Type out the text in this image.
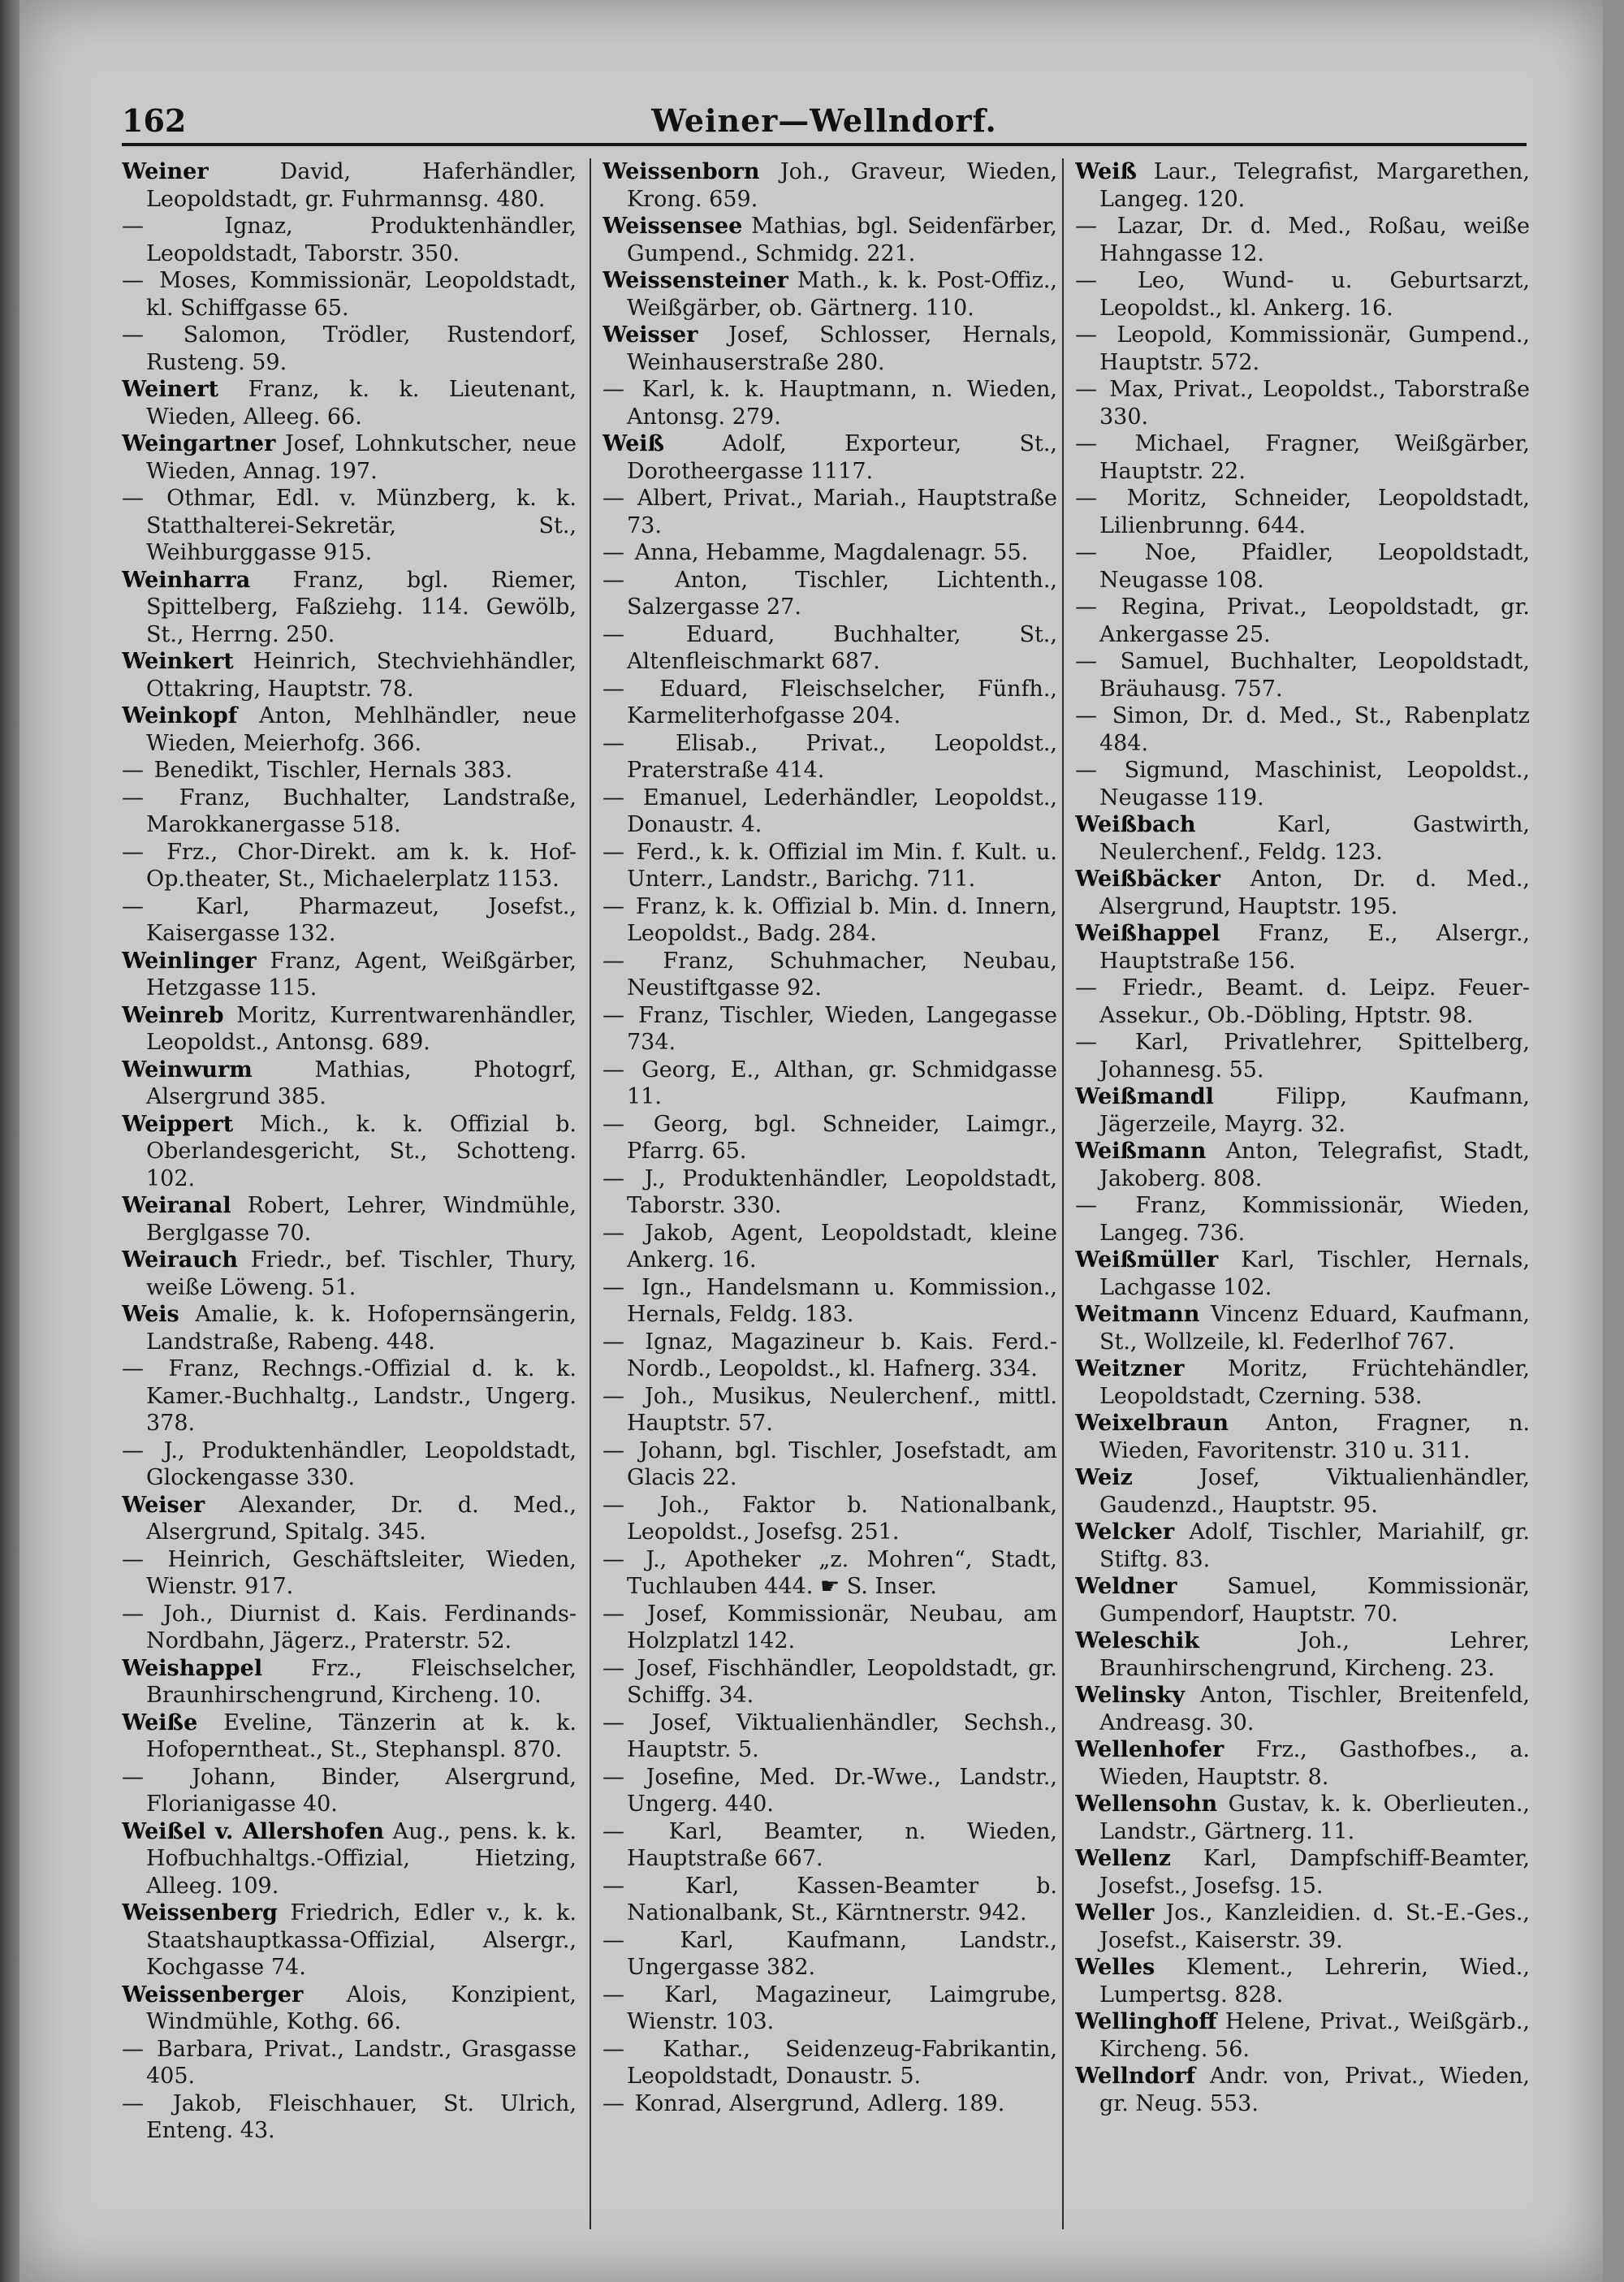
162	Weiner—Wellndorf.
Weiner	David, Haferhändler, Leopoldstadt, gr. Fuhrmannsg. 480.
—	Ignaz, Produktenhändler, Leopoldstadt, Taborstr. 350.
— Moses, Kommissionär, Leopoldstadt, kl. Schiffgasse 65.
— Salomon, Trödler, Rustendorf, Rusteng. 59.
Weinert Franz, k. k. Lieutenant, Wieden, Alleeg. 66.
Weingartner Josef, Lohnkutscher, neue Wieden, Annag. 197.
— Othmar, Edl. v. Münzberg, k. k. Statthalterei-Sekretär, St., Weihburggasse 915.
Weinharra Franz, bgl. Riemer, Spittelberg, Faßziehg. 114. Gewölb, St., Herrng. 250.
Weinkert Heinrich, Stechviehhändler, Ottakring, Hauptstr. 78.
Weinkopf Anton, Mehlhändler, neue Wieden, Meierhofg. 366.
— Benedikt, Tischler, Hernals 383.
— Franz, Buchhalter, Landstraße, Marokkanergasse 518.
— Frz., Chor-Direkt. am k. k. Hof-Op.theater, St., Michaelerplatz 1153.
— Karl, Pharmazeut, Josefst., Kaisergasse 132.
Weinlinger Franz, Agent, Weißgärber, Hetzgasse 115.
Weinreb Moritz, Kurrentwarenhändler, Leopoldst., Antonsg. 689.
Weinwurm	Mathias, Photogrf, Alsergrund 385.
Weippert Mich., k. k. Offizial b. Oberlandesgericht, St., Schotteng. 102.
Weiranal Robert, Lehrer, Windmühle, Berglgasse 70.
Weirauch Friedr., bef. Tischler, Thury, weiße Löweng. 51.
Weis Amalie, k. k. Hofopernsängerin, Landstraße, Rabeng. 448.
— Franz, Rechngs.-Offizial d. k. k. Kamer.-Buchhaltg., Landstr., Ungerg. 378.
— J., Produktenhändler, Leopoldstadt, Glockengasse 330.
Weiser Alexander, Dr. d. Med., Alsergrund, Spitalg. 345.
— Heinrich, Geschäftsleiter, Wieden, Wienstr. 917.
— Joh., Diurnist d. Kais. Ferdinands-Nordbahn, Jägerz., Praterstr. 52.
Weishappel Frz., Fleischselcher, Braunhirschengrund, Kircheng. 10.
Weiße Eveline, Tänzerin at k. k. Hofoperntheat., St., Stephanspl. 870.
— Johann, Binder, Alsergrund, Florianigasse 40.
Weißel v. Allershofen Aug., pens. k. k. Hofbuchhaltgs.-Offizial, Hietzing, Alleeg. 109.
Weissenberg Friedrich, Edler v., k. k. Staatshauptkassa-Offizial, Alsergr., Kochgasse 74.
Weissenberger Alois, Konzipient, Windmühle, Kothg. 66.
— Barbara, Privat., Landstr., Grasgasse 405.
— Jakob, Fleischhauer, St. Ulrich, Enteng. 43.
Weissenborn Joh., Graveur, Wieden, Krong. 659.
Weissensee Mathias, bgl. Seidenfärber, Gumpend., Schmidg. 221.
Weissensteiner Math., k. k. Post-Offiz., Weißgärber, ob. Gärtnerg. 110.
Weisser Josef, Schlosser, Hernals, Weinhauserstraße 280.
— Karl, k. k. Hauptmann, n. Wieden, Antonsg. 279.
Weiß	Adolf, Exporteur, St., Dorotheergasse 1117.
— Albert, Privat., Mariah., Hauptstraße 73.
— Anna, Hebamme, Magdalenagr. 55.
— Anton, Tischler, Lichtenth., Salzergasse 27.
—	Eduard, Buchhalter, St., Altenfleischmarkt 687.
— Eduard, Fleischselcher, Fünfh., Karmeliterhofgasse 204.
— Elisab., Privat., Leopoldst., Praterstraße 414.
— Emanuel, Lederhändler, Leopoldst., Donaustr. 4.
— Ferd., k. k. Offizial im Min. f. Kult. u. Unterr., Landstr., Barichg. 711.
— Franz, k. k. Offizial b. Min. d. Innern, Leopoldst., Badg. 284.
— Franz, Schuhmacher, Neubau, Neustiftgasse 92.
— Franz, Tischler, Wieden, Langegasse 734.
— Georg, E., Althan, gr. Schmidgasse 11.
— Georg, bgl. Schneider, Laimgr., Pfarrg. 65.
— J., Produktenhändler, Leopoldstadt, Taborstr. 330.
— Jakob, Agent, Leopoldstadt, kleine Ankerg. 16.
— Ign., Handelsmann u. Kommission., Hernals, Feldg. 183.
— Ignaz, Magazineur b. Kais. Ferd.-Nordb., Leopoldst., kl. Hafnerg. 334.
— Joh., Musikus, Neulerchenf., mittl. Hauptstr. 57.
— Johann, bgl. Tischler, Josefstadt, am Glacis 22.
— Joh., Faktor b. Nationalbank, Leopoldst., Josefsg. 251.
— J., Apotheker „z. Mohren“, Stadt, Tuchlauben 444. ☛ S. Inser.
— Josef, Kommissionär, Neubau, am Holzplatzl 142.
— Josef, Fischhändler, Leopoldstadt, gr. Schiffg. 34.
— Josef, Viktualienhändler, Sechsh., Hauptstr. 5.
— Josefine, Med. Dr.-Wwe., Landstr., Ungerg. 440.
— Karl, Beamter, n. Wieden, Hauptstraße 667.
—	Karl, Kassen-Beamter b. Nationalbank, St., Kärntnerstr. 942.
—	Karl, Kaufmann, Landstr., Ungergasse 382.
— Karl, Magazineur, Laimgrube, Wienstr. 103.
— Kathar., Seidenzeug-Fabrikantin, Leopoldstadt, Donaustr. 5.
— Konrad, Alsergrund, Adlerg. 189.
Weiß Laur., Telegrafist, Margarethen, Langeg. 120.
— Lazar, Dr. d. Med., Roßau, weiße Hahngasse 12.
— Leo, Wund- u. Geburtsarzt, Leopoldst., kl. Ankerg. 16.
— Leopold, Kommissionär, Gumpend., Hauptstr. 572.
— Max, Privat., Leopoldst., Taborstraße 330.
— Michael, Fragner, Weißgärber, Hauptstr. 22.
— Moritz, Schneider, Leopoldstadt, Lilienbrunng. 644.
— Noe, Pfaidler, Leopoldstadt, Neugasse 108.
— Regina, Privat., Leopoldstadt, gr. Ankergasse 25.
— Samuel, Buchhalter, Leopoldstadt, Bräuhausg. 757.
— Simon, Dr. d. Med., St., Rabenplatz 484.
— Sigmund, Maschinist, Leopoldst., Neugasse 119.
Weißbach	Karl, Gastwirth, Neulerchenf., Feldg. 123.
Weißbäcker Anton, Dr. d. Med., Alsergrund, Hauptstr. 195.
Weißhappel Franz, E., Alsergr., Hauptstraße 156.
— Friedr., Beamt. d. Leipz. Feuer-Assekur., Ob.-Döbling, Hptstr. 98.
— Karl, Privatlehrer, Spittelberg, Johannesg. 55.
Weißmandl	Filipp, Kaufmann, Jägerzeile, Mayrg. 32.
Weißmann Anton, Telegrafist, Stadt, Jakoberg. 808.
— Franz, Kommissionär, Wieden, Langeg. 736.
Weißmüller Karl, Tischler, Hernals, Lachgasse 102.
Weitmann Vincenz Eduard, Kaufmann, St., Wollzeile, kl. Federlhof 767.
Weitzner Moritz, Früchtehändler, Leopoldstadt, Czerning. 538.
Weixelbraun Anton, Fragner, n. Wieden, Favoritenstr. 310 u. 311.
Weiz	Josef, Viktualienhändler, Gaudenzd., Hauptstr. 95.
Welcker Adolf, Tischler, Mariahilf, gr. Stiftg. 83.
Weldner Samuel, Kommissionär, Gumpendorf, Hauptstr. 70.
Weleschik	Joh., Lehrer, Braunhirschengrund, Kircheng. 23.
Welinsky Anton, Tischler, Breitenfeld, Andreasg. 30.
Wellenhofer Frz., Gasthofbes., a. Wieden, Hauptstr. 8.
Wellensohn Gustav, k. k. Oberlieuten., Landstr., Gärtnerg. 11.
Wellenz Karl, Dampfschiff-Beamter, Josefst., Josefsg. 15.
Weller Jos., Kanzleidien. d. St.-E.-Ges., Josefst., Kaiserstr. 39.
Welles Klement., Lehrerin, Wied., Lumpertsg. 828.
Wellinghoff Helene, Privat., Weißgärb., Kircheng. 56.
Wellndorf Andr. von, Privat., Wieden, gr. Neug. 553.
